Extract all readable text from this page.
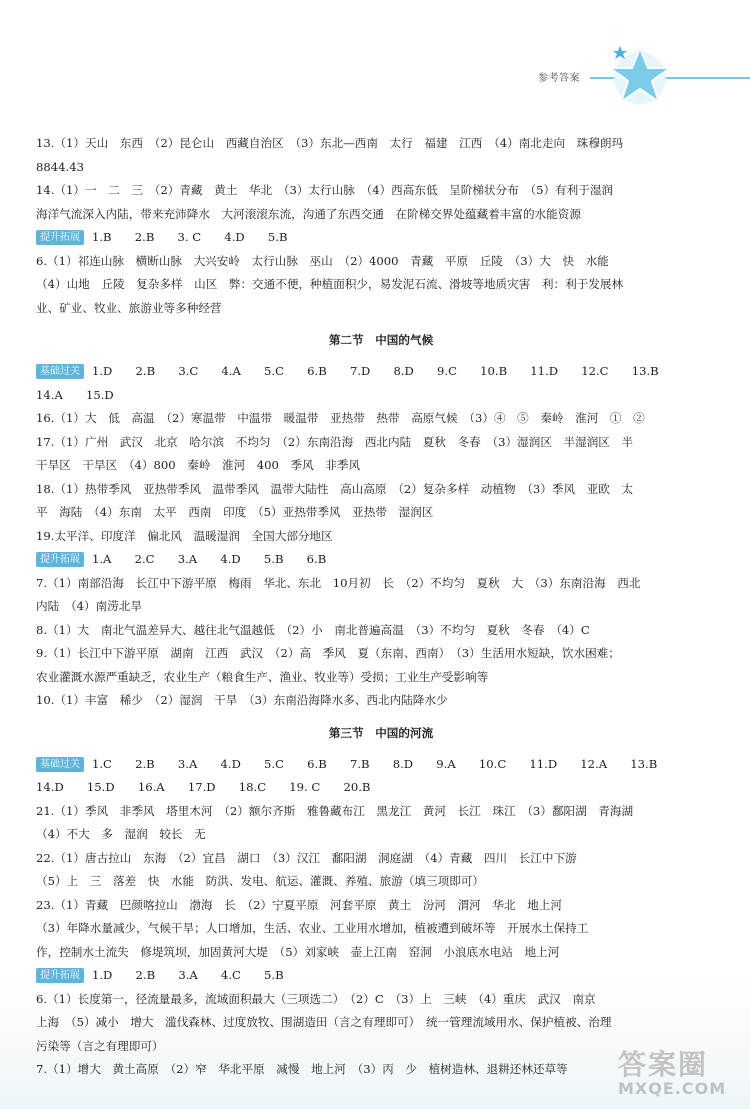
参考答案
13.（1）天山　东西　（2）昆仑山　西藏自治区　（3）东北—西南　太行　福建　江西　（4）南北走向　珠穆朗玛
8844.43
14.（1）一　二　三　（2）青藏　黄土　华北　（3）太行山脉　（4）西高东低　呈阶梯状分布　（5）有利于湿润
海洋气流深入内陆，带来充沛降水　大河滚滚东流，沟通了东西交通　在阶梯交界处蕴藏着丰富的水能资源
提升拓展 1.B　　2.B　　3. C　　4.D　　5.B
6.（1）祁连山脉　横断山脉　大兴安岭　太行山脉　巫山　（2）4000　青藏　平原　丘陵　（3）大　快　水能
（4）山地　丘陵　复杂多样　山区　弊：交通不便，种植面积少，易发泥石流、滑坡等地质灾害　利：利于发展林
业、矿业、牧业、旅游业等多种经营
第二节　中国的气候
基础过关 1.D　　2.B　　3.C　　4.A　　5.C　　6.B　　7.D　　8.D　　9.C　　10.B　　11.D　　12.C　　13.B
14.A　　15.D
16.（1）大　低　高温　（2）寒温带　中温带　暖温带　亚热带　热带　高原气候　（3）④　⑤　秦岭　淮河　①　②
17.（1）广州　武汉　北京　哈尔滨　不均匀　（2）东南沿海　西北内陆　夏秋　冬春　（3）湿润区　半湿润区　半
干旱区　干旱区　（4）800　秦岭　淮河　400　季风　非季风
18.（1）热带季风　亚热带季风　温带季风　温带大陆性　高山高原　（2）复杂多样　动植物　（3）季风　亚欧　太
平　海陆　（4）东南　太平　西南　印度　（5）亚热带季风　亚热带　湿润区
19.太平洋、印度洋　偏北风　温暖湿润　全国大部分地区
提升拓展 1.A　　2.C　　3.A　　4.D　　5.B　　6.B
7.（1）南部沿海　长江中下游平原　梅雨　华北、东北　10月初　长　（2）不均匀　夏秋　大　（3）东南沿海　西北
内陆　（4）南涝北旱
8.（1）大　南北气温差异大、越往北气温越低　（2）小　南北普遍高温　（3）不均匀　夏秋　冬春　（4）C
9.（1）长江中下游平原　湖南　江西　武汉　（2）高　季风　夏（东南、西南）　（3）生活用水短缺，饮水困难；
农业灌溉水源严重缺乏，农业生产（粮食生产、渔业、牧业等）受损；工业生产受影响等
10.（1）丰富　稀少　（2）湿润　干旱　（3）东南沿海降水多、西北内陆降水少
第三节　中国的河流
基础过关 1.C　　2.B　　3.A　　4.D　　5.C　　6.B　　7.B　　8.D　　9.A　　10.C　　11.D　　12.A　　13.B
14.D　　15.D　　16.A　　17.D　　18.C　　19. C　　20.B
21.（1）季风　非季风　塔里木河　（2）额尔齐斯　雅鲁藏布江　黑龙江　黄河　长江　珠江　（3）鄱阳湖　青海湖
（4）不大　多　湿润　较长　无
22.（1）唐古拉山　东海　（2）宜昌　湖口　（3）汉江　鄱阳湖　洞庭湖　（4）青藏　四川　长江中下游
（5）上　三　落差　快　水能　防洪、发电、航运、灌溉、养殖、旅游（填三项即可）
23.（1）青藏　巴颜喀拉山　渤海　长　（2）宁夏平原　河套平原　黄土　汾河　渭河　华北　地上河
（3）年降水量减少，气候干旱；人口增加，生活、农业、工业用水增加，植被遭到破坏等　开展水土保持工
作，控制水土流失　修堤筑坝，加固黄河大堤　（5）刘家峡　壶上江南　窑洞　小浪底水电站　地上河
提升拓展 1.D　　2.B　　3.A　　4.C　　5.B
6.（1）长度第一，径流量最多，流域面积最大（三项选二）　（2）C　（3）上　三峡　（4）重庆　武汉　南京
上海　（5）减小　增大　滥伐森林、过度放牧、围湖造田（言之有理即可）　统一管理流域用水、保护植被、治理
污染等（言之有理即可）
7.（1）增大　黄土高原　（2）窄　华北平原　减慢　地上河　（3）丙　少　植树造林、退耕还林还草等	答案圈
MXQE.COM
